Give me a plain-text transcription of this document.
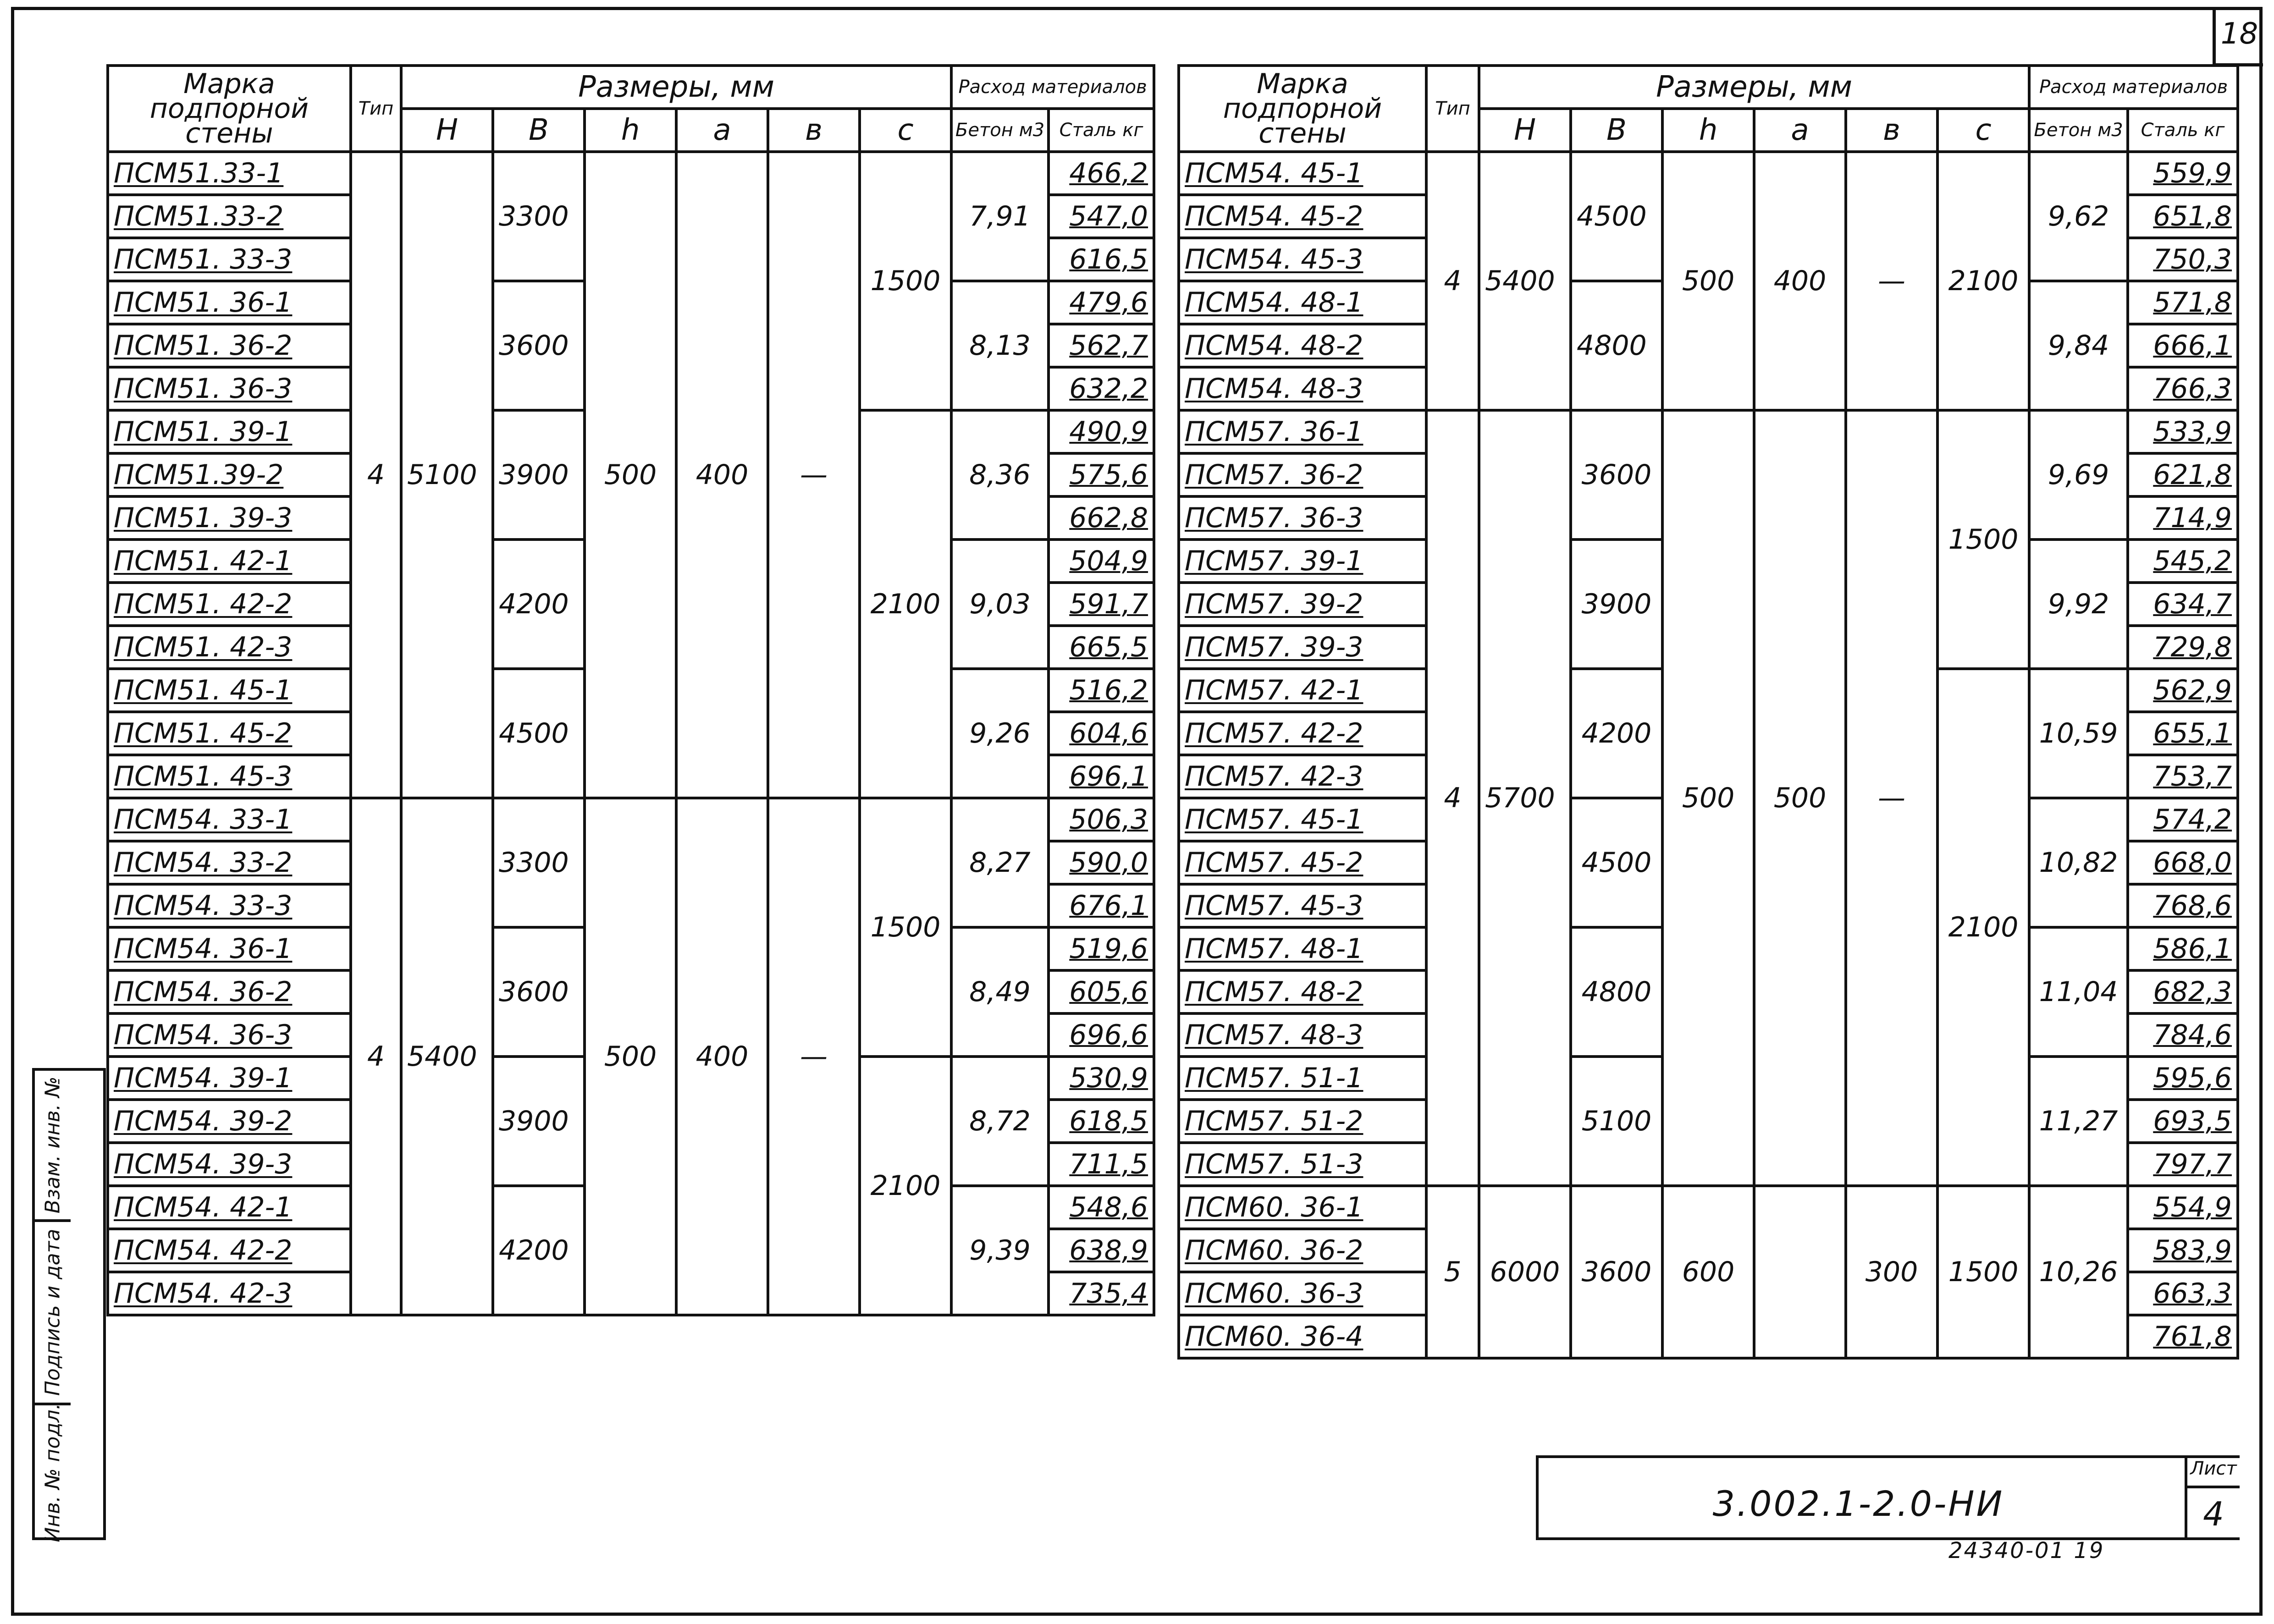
18
Марка подпорной стены	Тип	Размеры, мм						Расход материалов	
		H	B	h	a	в	c	Бетон м3	Сталь кг
ПСМ51.33-1	4	5100	3300	500	400	—	1500	7,91	466,2
ПСМ51.33-2									547,0
ПСМ51. 33-3									616,5
ПСМ51. 36-1			3600					8,13	479,6
ПСМ51. 36-2									562,7
ПСМ51. 36-3									632,2
ПСМ51. 39-1			3900				2100	8,36	490,9
ПСМ51.39-2									575,6
ПСМ51. 39-3									662,8
ПСМ51. 42-1			4200					9,03	504,9
ПСМ51. 42-2									591,7
ПСМ51. 42-3									665,5
ПСМ51. 45-1			4500					9,26	516,2
ПСМ51. 45-2									604,6
ПСМ51. 45-3									696,1
ПСМ54. 33-1	4	5400	3300	500	400	—	1500	8,27	506,3
ПСМ54. 33-2									590,0
ПСМ54. 33-3									676,1
ПСМ54. 36-1			3600					8,49	519,6
ПСМ54. 36-2									605,6
ПСМ54. 36-3									696,6
ПСМ54. 39-1			3900				2100	8,72	530,9
ПСМ54. 39-2									618,5
ПСМ54. 39-3									711,5
ПСМ54. 42-1			4200					9,39	548,6
ПСМ54. 42-2									638,9
ПСМ54. 42-3									735,4
Марка подпорной стены	Тип	Размеры, мм						Расход материалов	
		H	B	h	a	в	c	Бетон м3	Сталь кг
ПСМ54. 45-1	4	5400	4500	500	400	—	2100	9,62	559,9
ПСМ54. 45-2									651,8
ПСМ54. 45-3									750,3
ПСМ54. 48-1			4800					9,84	571,8
ПСМ54. 48-2									666,1
ПСМ54. 48-3									766,3
ПСМ57. 36-1	4	5700	3600	500	500	—	1500	9,69	533,9
ПСМ57. 36-2									621,8
ПСМ57. 36-3									714,9
ПСМ57. 39-1			3900					9,92	545,2
ПСМ57. 39-2									634,7
ПСМ57. 39-3									729,8
ПСМ57. 42-1			4200				2100	10,59	562,9
ПСМ57. 42-2									655,1
ПСМ57. 42-3									753,7
ПСМ57. 45-1			4500					10,82	574,2
ПСМ57. 45-2									668,0
ПСМ57. 45-3									768,6
ПСМ57. 48-1			4800					11,04	586,1
ПСМ57. 48-2									682,3
ПСМ57. 48-3									784,6
ПСМ57. 51-1			5100					11,27	595,6
ПСМ57. 51-2									693,5
ПСМ57. 51-3									797,7
ПСМ60. 36-1	5	6000	3600	600		300	1500	10,26	554,9
ПСМ60. 36-2									583,9
ПСМ60. 36-3									663,3
ПСМ60. 36-4									761,8
Взам. инв. №
Подпись и дата
Инв. № подл.	3.002.1-2.0-НИ
Лист
4
24340-01 19
